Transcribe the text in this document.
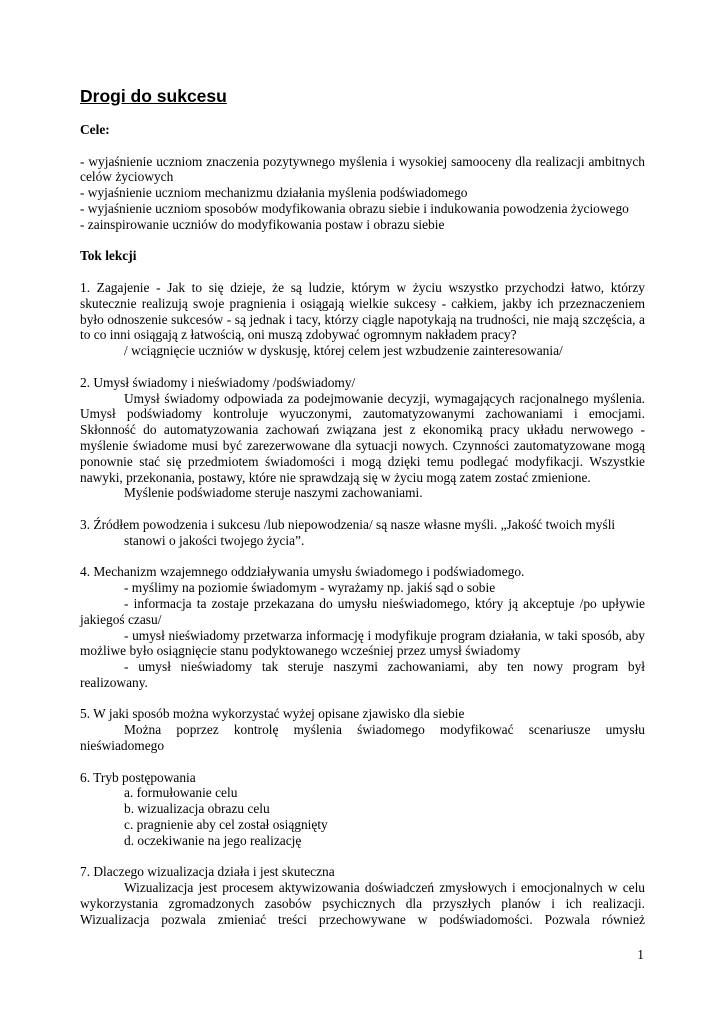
Drogi do sukcesu

Cele:

- wyjaśnienie uczniom znaczenia pozytywnego myślenia i wysokiej samooceny dla realizacji ambitnych

celów życiowych

- wyjaśnienie uczniom mechanizmu działania myślenia podświadomego

- wyjaśnienie uczniom sposobów modyfikowania obrazu siebie i indukowania powodzenia życiowego

- zainspirowanie uczniów do modyfikowania postaw i obrazu siebie

Tok lekcji

1. Zagajenie - Jak to się dzieje, że są ludzie, którym w życiu wszystko przychodzi łatwo, którzy

skutecznie realizują swoje pragnienia i osiągają wielkie sukcesy - całkiem, jakby ich przeznaczeniem

było odnoszenie sukcesów - są jednak i tacy, którzy ciągle napotykają na trudności, nie mają szczęścia, a

to co inni osiągają z łatwością, oni muszą zdobywać ogromnym nakładem pracy?

/ wciągnięcie uczniów w dyskusję, której celem jest wzbudzenie zainteresowania/

2. Umysł świadomy i nieświadomy /podświadomy/

Umysł świadomy odpowiada za podejmowanie decyzji, wymagających racjonalnego myślenia.

Umysł podświadomy kontroluje wyuczonymi, zautomatyzowanymi zachowaniami i emocjami.

Skłonność do automatyzowania zachowań związana jest z ekonomiką pracy układu nerwowego -

myślenie świadome musi być zarezerwowane dla sytuacji nowych. Czynności zautomatyzowane mogą

ponownie stać się przedmiotem świadomości i mogą dzięki temu podlegać modyfikacji. Wszystkie

nawyki, przekonania, postawy, które nie sprawdzają się w życiu mogą zatem zostać zmienione.

Myślenie podświadome steruje naszymi zachowaniami.

3. Źródłem powodzenia i sukcesu /lub niepowodzenia/ są nasze własne myśli. „Jakość twoich myśli

stanowi o jakości twojego życia”.

4. Mechanizm wzajemnego oddziaływania umysłu świadomego i podświadomego.

- myślimy na poziomie świadomym - wyrażamy np. jakiś sąd o sobie

- informacja ta zostaje przekazana do umysłu nieświadomego, który ją akceptuje /po upływie

jakiegoś czasu/

- umysł nieświadomy przetwarza informację i modyfikuje program działania, w taki sposób, aby

możliwe było osiągnięcie stanu podyktowanego wcześniej przez umysł świadomy

- umysł nieświadomy tak steruje naszymi zachowaniami, aby ten nowy program był

realizowany.

5. W jaki sposób można wykorzystać wyżej opisane zjawisko dla siebie

Można poprzez kontrolę myślenia świadomego modyfikować scenariusze umysłu

nieświadomego

6. Tryb postępowania

a. formułowanie celu

b. wizualizacja obrazu celu

c. pragnienie aby cel został osiągnięty

d. oczekiwanie na jego realizację

7. Dlaczego wizualizacja działa i jest skuteczna

Wizualizacja jest procesem aktywizowania doświadczeń zmysłowych i emocjonalnych w celu

wykorzystania zgromadzonych zasobów psychicznych dla przyszłych planów i ich realizacji.

Wizualizacja pozwala zmieniać treści przechowywane w podświadomości. Pozwala również

1
